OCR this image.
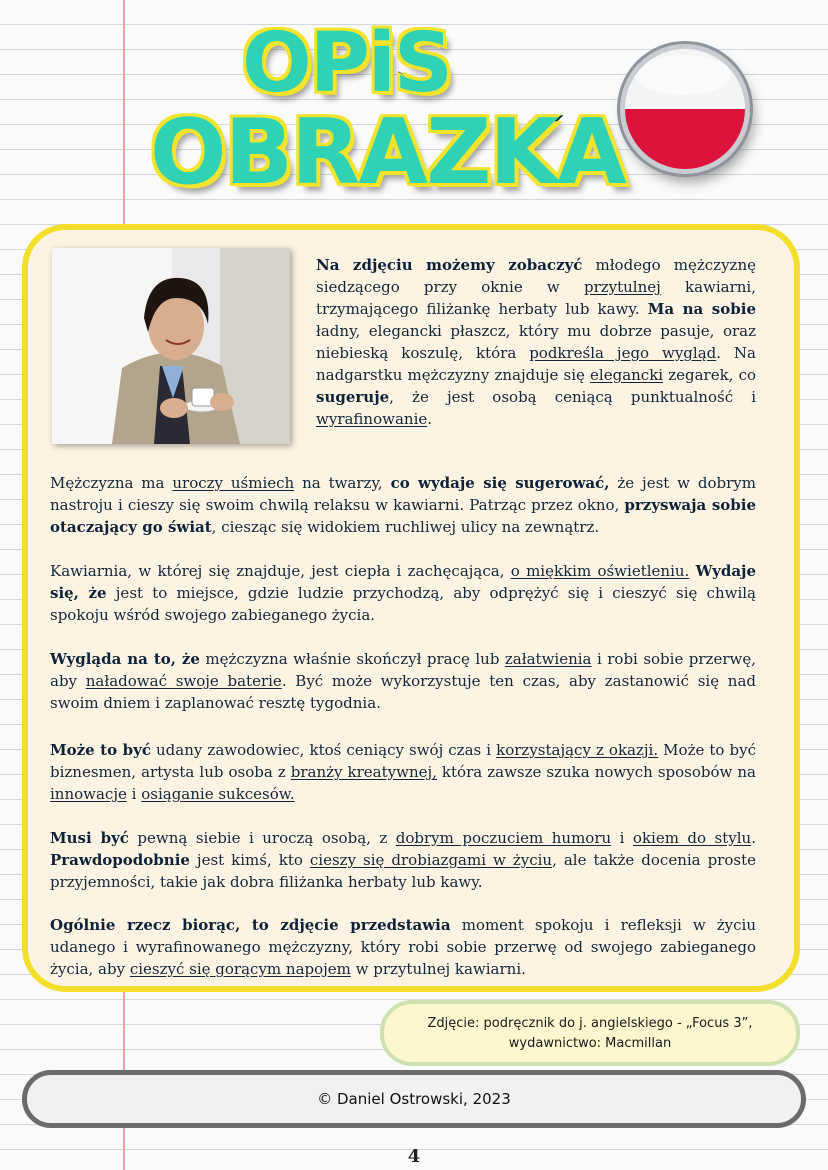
OPiS
OBRAZKA
Na zdjęciu możemy zobaczyć młodego mężczyznę siedzącego przy oknie w przytulnej kawiarni, trzymającego filiżankę herbaty lub kawy. Ma na sobie ładny, elegancki płaszcz, który mu dobrze pasuje, oraz niebieską koszulę, która podkreśla jego wygląd. Na nadgarstku mężczyzny znajduje się elegancki zegarek, co sugeruje, że jest osobą ceniącą punktualność i wyrafinowanie.
Mężczyzna ma uroczy uśmiech na twarzy, co wydaje się sugerować, że jest w dobrym nastroju i cieszy się swoim chwilą relaksu w kawiarni. Patrząc przez okno, przyswaja sobie otaczający go świat, ciesząc się widokiem ruchliwej ulicy na zewnątrz.
Kawiarnia, w której się znajduje, jest ciepła i zachęcająca, o miękkim oświetleniu. Wydaje się, że jest to miejsce, gdzie ludzie przychodzą, aby odprężyć się i cieszyć się chwilą spokoju wśród swojego zabieganego życia.
Wygląda na to, że mężczyzna właśnie skończył pracę lub załatwienia i robi sobie przerwę, aby naładować swoje baterie. Być może wykorzystuje ten czas, aby zastanowić się nad swoim dniem i zaplanować resztę tygodnia.
Może to być udany zawodowiec, ktoś ceniący swój czas i korzystający z okazji. Może to być biznesmen, artysta lub osoba z branży kreatywnej, która zawsze szuka nowych sposobów na innowacje i osiąganie sukcesów.
Musi być pewną siebie i uroczą osobą, z dobrym poczuciem humoru i okiem do stylu. Prawdopodobnie jest kimś, kto cieszy się drobiazgami w życiu, ale także docenia proste przyjemności, takie jak dobra filiżanka herbaty lub kawy.
Ogólnie rzecz biorąc, to zdjęcie przedstawia moment spokoju i refleksji w życiu udanego i wyrafinowanego mężczyzny, który robi sobie przerwę od swojego zabieganego życia, aby cieszyć się gorącym napojem w przytulnej kawiarni.
Zdjęcie: podręcznik do j. angielskiego - „Focus 3”,
wydawnictwo: Macmillan
© Daniel Ostrowski, 2023
4
